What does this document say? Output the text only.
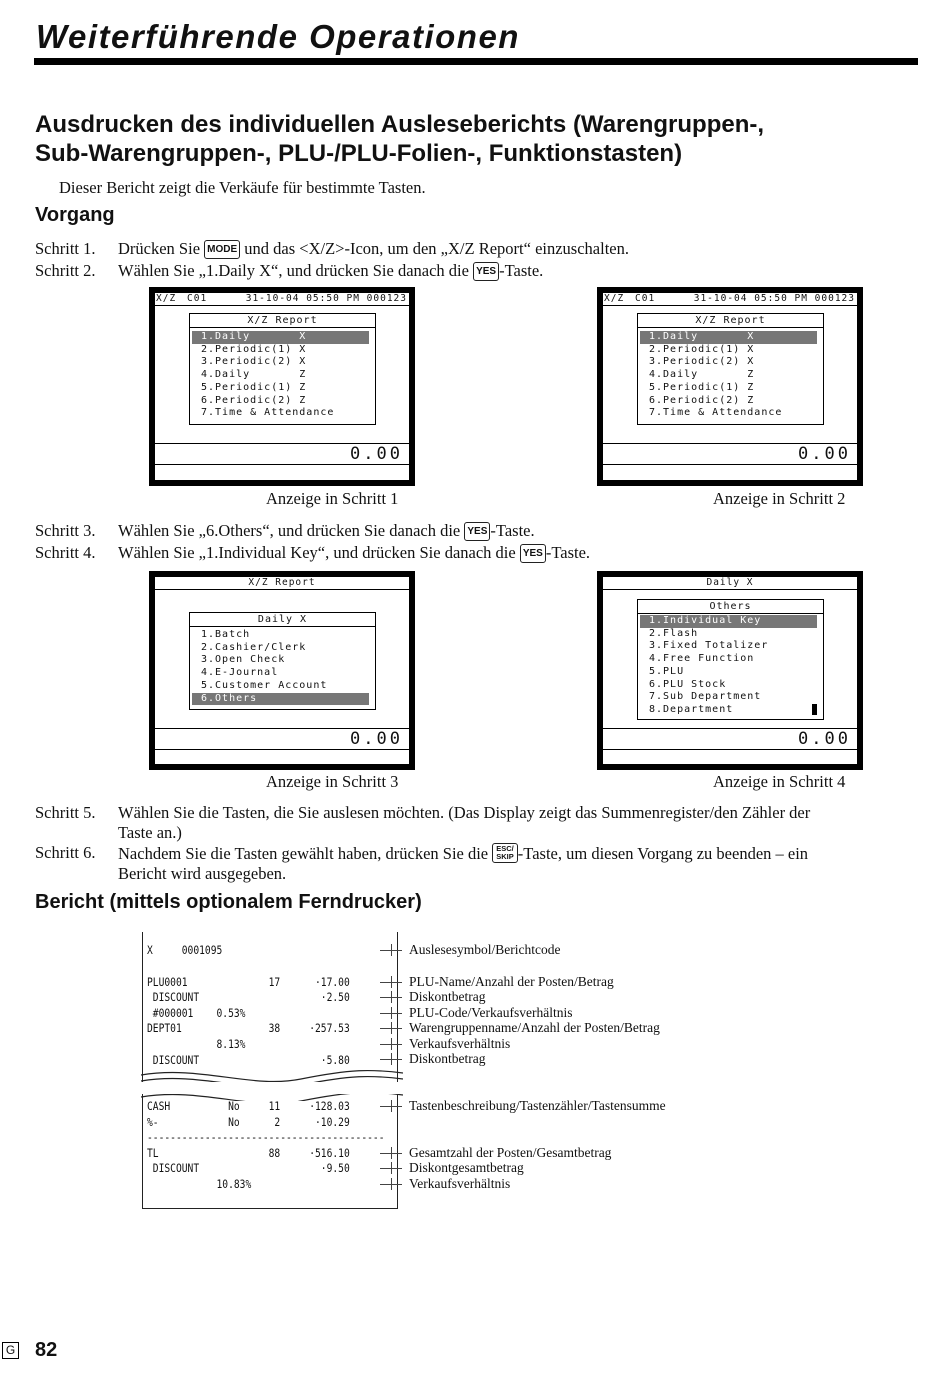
Weiterführende Operationen
Ausdrucken des individuellen Ausleseberichts (Warengruppen-,
Sub-Warengruppen-, PLU-/PLU-Folien-, Funktionstasten)
Dieser Bericht zeigt die Verkäufe für bestimmte Tasten.
Vorgang
Schritt 1. Drücken Sie MODE und das <X/Z>-Icon, um den „X/Z Report“ einzuschalten.
Schritt 2. Wählen Sie „1.Daily X“, und drücken Sie danach die YES -Taste.
X/Z C01	31-10-04 05:50 PM 000123
X/Z Report
1.Daily       X
2.Periodic(1) X
3.Periodic(2) X
4.Daily       Z
5.Periodic(1) Z
6.Periodic(2) Z
7.Time & Attendance
0.00
Anzeige in Schritt 1
X/Z C01	31-10-04 05:50 PM 000123
X/Z Report
1.Daily       X
2.Periodic(1) X
3.Periodic(2) X
4.Daily       Z
5.Periodic(1) Z
6.Periodic(2) Z
7.Time & Attendance
0.00
Anzeige in Schritt 2
Schritt 3. Wählen Sie „6.Others“, und drücken Sie danach die YES -Taste.
Schritt 4. Wählen Sie „1.Individual Key“, und drücken Sie danach die YES -Taste.
X/Z Report
Daily X
1.Batch
2.Cashier/Clerk
3.Open Check
4.E-Journal
5.Customer Account
6.Others
0.00
Anzeige in Schritt 3
Daily X
Others
1.Individual Key
2.Flash
3.Fixed Totalizer
4.Free Function
5.PLU
6.PLU Stock
7.Sub Department
8.Department
0.00
Anzeige in Schritt 4
Schritt 5. Wählen Sie die Tasten, die Sie auslesen möchten. (Das Display zeigt das Summenregister/den Zähler der
Taste an.)
Schritt 6. Nachdem Sie die Tasten gewählt haben, drücken Sie die ESC/
SKIP -Taste, um diesen Vorgang zu beenden – ein
Bericht wird ausgegeben.
Bericht (mittels optionalem Ferndrucker)
X     0001095
PLU0001              17      ·17.00
DISCOUNT                     ·2.50
#000001    0.53%
DEPT01               38     ·257.53
8.13%
DISCOUNT                     ·5.80
CASH          No     11     ·128.03
%-            No      2      ·10.29
-----------------------------------------
TL                   88     ·516.10
DISCOUNT                     ·9.50
10.83%
Auslesesymbol/Berichtcode
PLU-Name/Anzahl der Posten/Betrag
Diskontbetrag
PLU-Code/Verkaufsverhältnis
Warengruppenname/Anzahl der Posten/Betrag
Verkaufsverhältnis
Diskontbetrag
Tastenbeschreibung/Tastenzähler/Tastensumme
Gesamtzahl der Posten/Gesamtbetrag
Diskontgesamtbetrag
Verkaufsverhältnis
G 82
